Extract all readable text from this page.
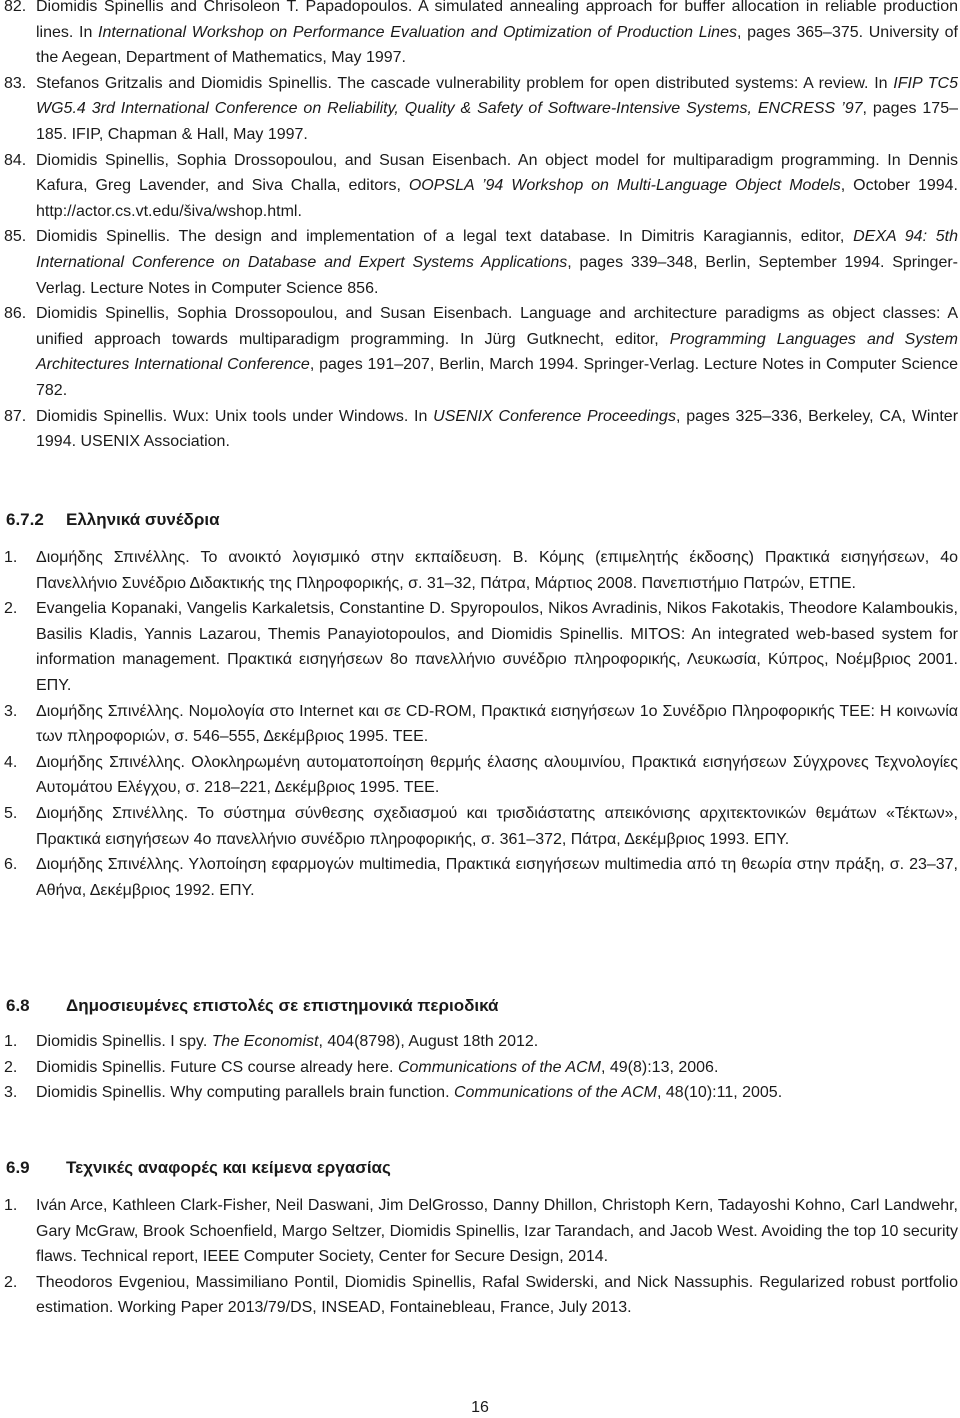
82. Diomidis Spinellis and Chrisoleon T. Papadopoulos. A simulated annealing approach for buffer allocation in reliable production lines. In International Workshop on Performance Evaluation and Optimization of Production Lines, pages 365–375. University of the Aegean, Department of Mathematics, May 1997.
83. Stefanos Gritzalis and Diomidis Spinellis. The cascade vulnerability problem for open distributed systems: A review. In IFIP TC5 WG5.4 3rd International Conference on Reliability, Quality & Safety of Software-Intensive Systems, ENCRESS ’97, pages 175–185. IFIP, Chapman & Hall, May 1997.
84. Diomidis Spinellis, Sophia Drossopoulou, and Susan Eisenbach. An object model for multiparadigm programming. In Dennis Kafura, Greg Lavender, and Siva Challa, editors, OOPSLA ’94 Workshop on Multi-Language Object Models, October 1994. http://actor.cs.vt.edu/šiva/wshop.html.
85. Diomidis Spinellis. The design and implementation of a legal text database. In Dimitris Karagiannis, editor, DEXA 94: 5th International Conference on Database and Expert Systems Applications, pages 339–348, Berlin, September 1994. Springer-Verlag. Lecture Notes in Computer Science 856.
86. Diomidis Spinellis, Sophia Drossopoulou, and Susan Eisenbach. Language and architecture paradigms as object classes: A unified approach towards multiparadigm programming. In Jürg Gutknecht, editor, Programming Languages and System Architectures International Conference, pages 191–207, Berlin, March 1994. Springer-Verlag. Lecture Notes in Computer Science 782.
87. Diomidis Spinellis. Wux: Unix tools under Windows. In USENIX Conference Proceedings, pages 325–336, Berkeley, CA, Winter 1994. USENIX Association.
6.7.2 Ελληνικά συνέδρια
1.	Διομήδης Σπινέλλης. Το ανοικτό λογισμικό στην εκπαίδευση. Β. Κόμης (επιμελητής έκδοσης) Πρακτικά εισηγήσεων, 4ο Πανελλήνιο Συνέδριο Διδακτικής της Πληροφορικής, σ. 31–32, Πάτρα, Μάρτιος 2008. Πανεπιστήμιο Πατρών, ΕΤΠΕ.
2.	Evangelia Kopanaki, Vangelis Karkaletsis, Constantine D. Spyropoulos, Nikos Avradinis, Nikos Fakotakis, Theodore Kalamboukis, Basilis Kladis, Yannis Lazarou, Themis Panayiotopoulos, and Diomidis Spinellis. MITOS: An integrated web-based system for information management. Πρακτικά εισηγήσεων 8ο πανελλήνιο συνέδριο πληροφορικής, Λευκωσία, Κύπρος, Νοέμβριος 2001. ΕΠΥ.
3.	Διομήδης Σπινέλλης. Νομολογία στο Internet και σε CD-ROM, Πρακτικά εισηγήσεων 1ο Συνέδριο Πληροφορικής ΤΕΕ: Η κοινωνία των πληροφοριών, σ. 546–555, Δεκέμβριος 1995. ΤΕΕ.
4.	Διομήδης Σπινέλλης. Ολοκληρωμένη αυτοματοποίηση θερμής έλασης αλουμινίου, Πρακτικά εισηγήσεων Σύγχρονες Τεχνολογίες Αυτομάτου Ελέγχου, σ. 218–221, Δεκέμβριος 1995. ΤΕΕ.
5.	Διομήδης Σπινέλλης. Το σύστημα σύνθεσης σχεδιασμού και τρισδιάστατης απεικόνισης αρχιτεκτονικών θεμάτων «Τέκτων», Πρακτικά εισηγήσεων 4ο πανελλήνιο συνέδριο πληροφορικής, σ. 361–372, Πάτρα, Δεκέμβριος 1993. ΕΠΥ.
6.	Διομήδης Σπινέλλης. Υλοποίηση εφαρμογών multimedia, Πρακτικά εισηγήσεων multimedia από τη θεωρία στην πράξη, σ. 23–37, Αθήνα, Δεκέμβριος 1992. ΕΠΥ.
6.8 Δημοσιευμένες επιστολές σε επιστημονικά περιοδικά
1.	Diomidis Spinellis. I spy. The Economist, 404(8798), August 18th 2012.
2.	Diomidis Spinellis. Future CS course already here. Communications of the ACM, 49(8):13, 2006.
3.	Diomidis Spinellis. Why computing parallels brain function. Communications of the ACM, 48(10):11, 2005.
6.9 Τεχνικές αναφορές και κείμενα εργασίας
1.	Iván Arce, Kathleen Clark-Fisher, Neil Daswani, Jim DelGrosso, Danny Dhillon, Christoph Kern, Tadayoshi Kohno, Carl Landwehr, Gary McGraw, Brook Schoenfield, Margo Seltzer, Diomidis Spinellis, Izar Tarandach, and Jacob West. Avoiding the top 10 security flaws. Technical report, IEEE Computer Society, Center for Secure Design, 2014.
2.	Theodoros Evgeniou, Massimiliano Pontil, Diomidis Spinellis, Rafal Swiderski, and Nick Nassuphis. Regularized robust portfolio estimation. Working Paper 2013/79/DS, INSEAD, Fontainebleau, France, July 2013.
16
